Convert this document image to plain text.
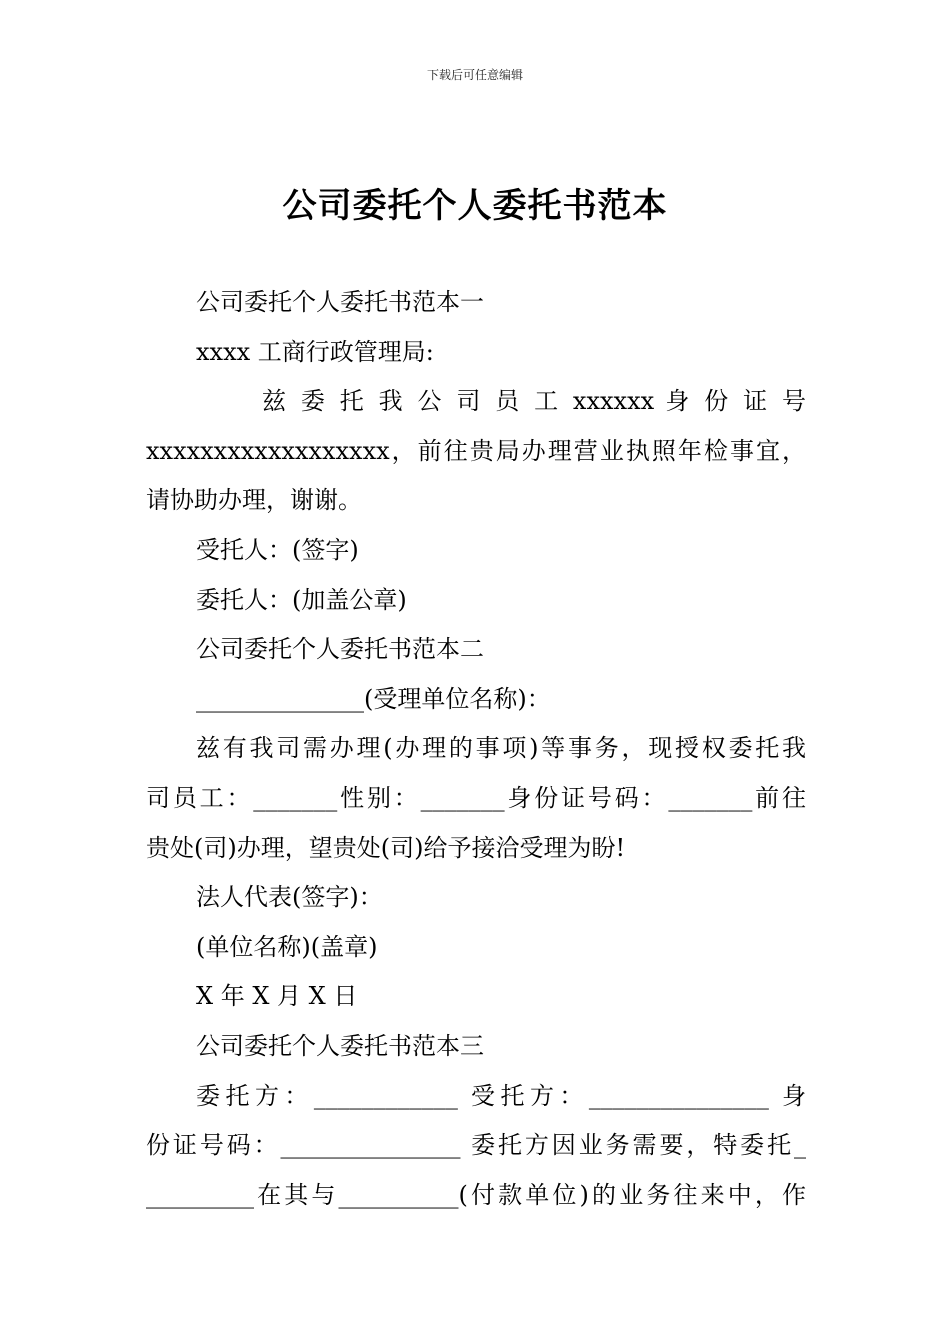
下载后可任意编辑
公司委托个人委托书范本
公司委托个人委托书范本一
xxxx 工商行政管理局:
兹 委 托 我 公 司 员 工 xxxxxx 身 份 证 号
xxxxxxxxxxxxxxxxxx，前往贵局办理营业执照年检事宜，
请协助办理，谢谢。
受托人：(签字)
委托人：(加盖公章)
公司委托个人委托书范本二
______________(受理单位名称)：
兹有我司需办理(办理的事项)等事务，现授权委托我
司员工：_______性别：_______身份证号码：_______前往
贵处(司)办理，望贵处(司)给予接洽受理为盼!
法人代表(签字)：
(单位名称)(盖章)
X 年 X 月 X 日
公司委托个人委托书范本三
委托方：____________ 受托方：_______________ 身
份证号码：_______________ 委托方因业务需要，特委托_
_________在其与__________(付款单位)的业务往来中，作
